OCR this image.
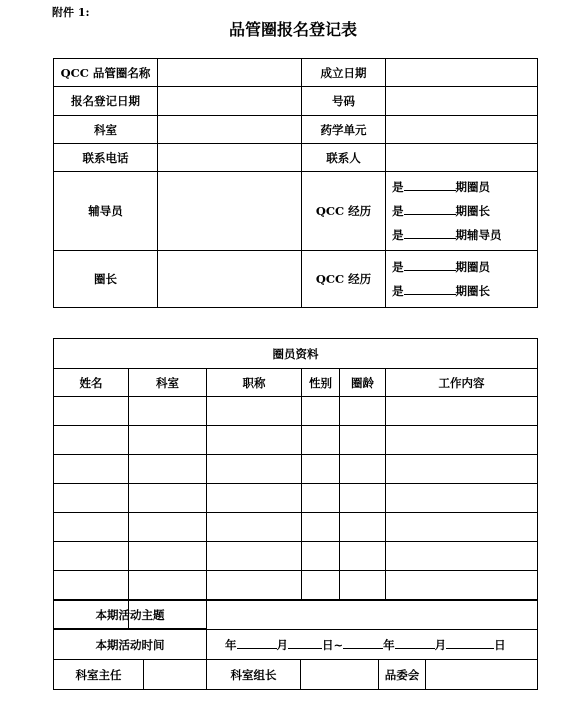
附件 1:
品管圈报名登记表
QCC 品管圈名称		成立日期	
报名登记日期		号码	
科室		药学单元	
联系电话		联系人	
辅导员		QCC 经历	是 期圈员
是 期圈长
是 期辅导员

圈长		QCC 经历	是 期圈员
是 期圈长
圈员资料					
姓名	科室	职称	性别	圈龄	工作内容

本期活动主题	
本期活动时间	年 月 日~ 年 月 日
科室主任		科室组长		品委会	
